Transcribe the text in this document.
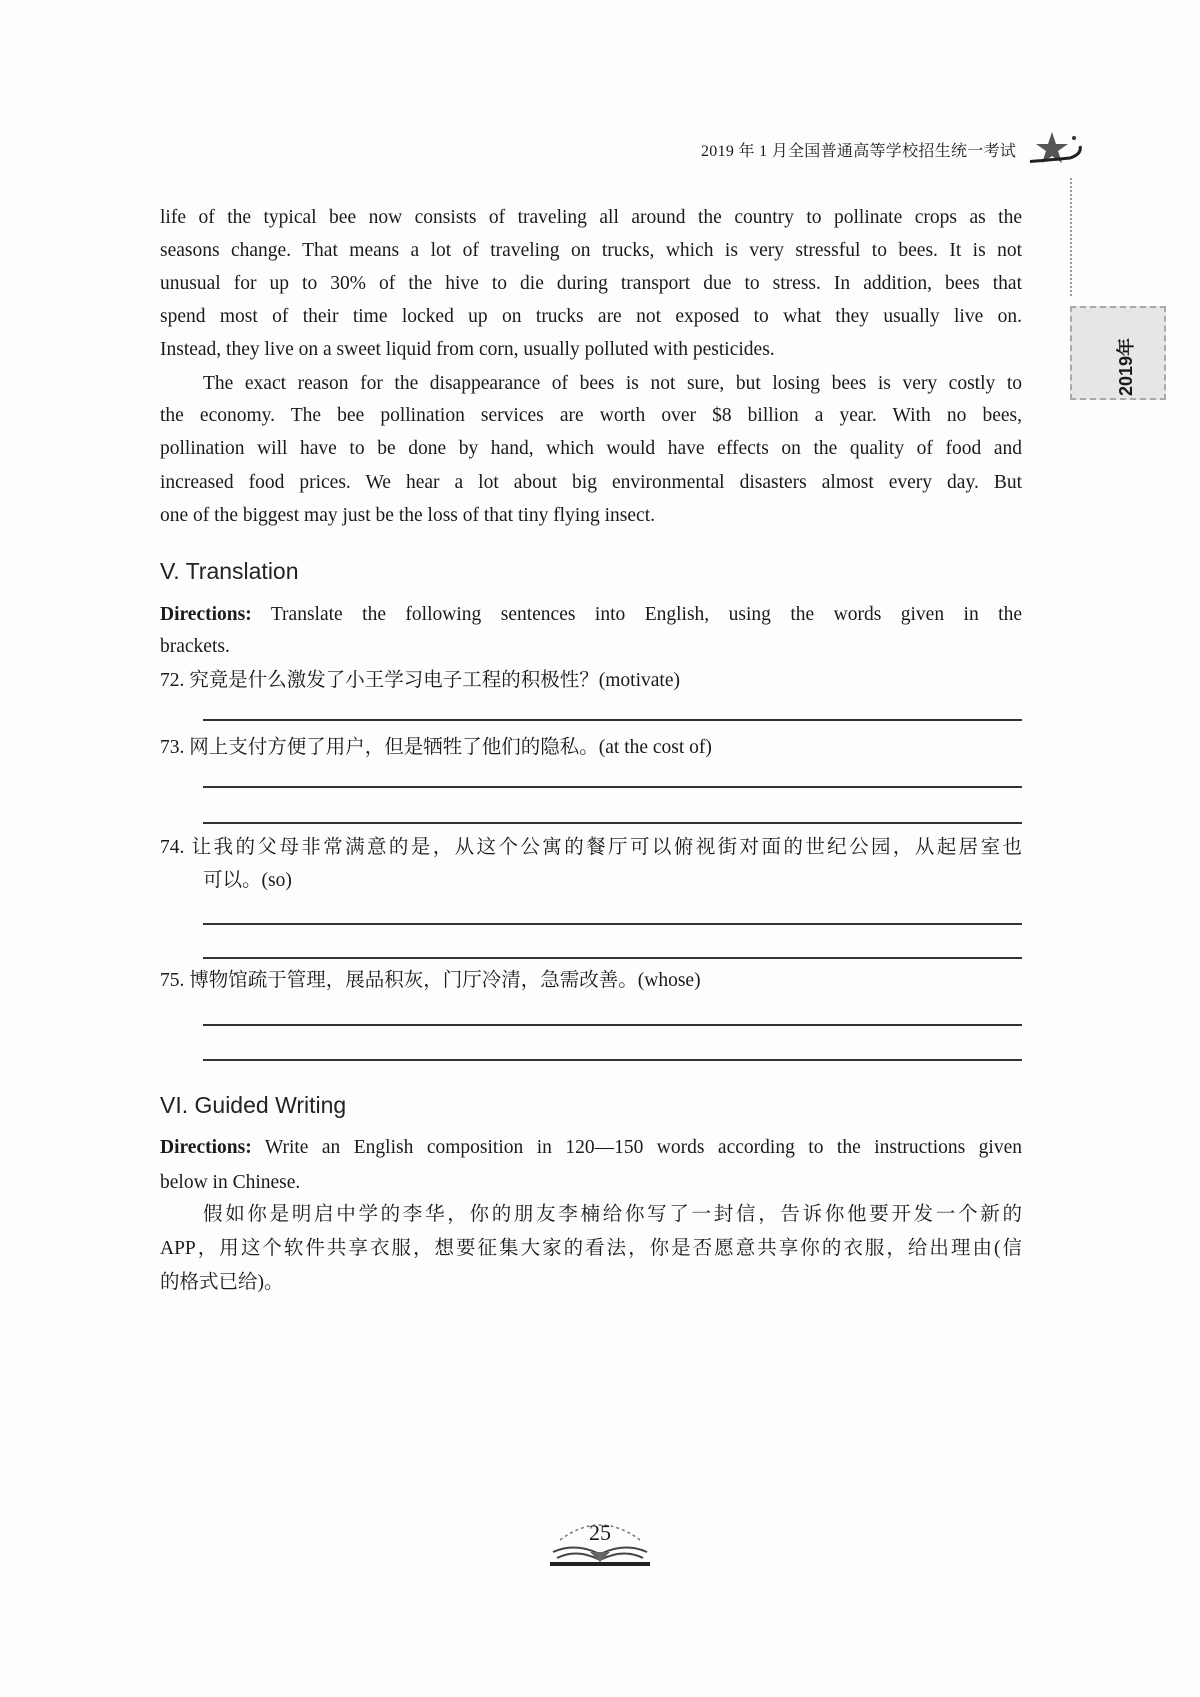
2019 年 1 月全国普通高等学校招生统一考试
2019年
life of the typical bee now consists of traveling all around the country to pollinate crops as the
seasons change. That means a lot of traveling on trucks, which is very stressful to bees. It is not
unusual for up to 30% of the hive to die during transport due to stress. In addition, bees that
spend most of their time locked up on trucks are not exposed to what they usually live on.
Instead, they live on a sweet liquid from corn, usually polluted with pesticides.
The exact reason for the disappearance of bees is not sure, but losing bees is very costly to
the economy. The bee pollination services are worth over $8 billion a year. With no bees,
pollination will have to be done by hand, which would have effects on the quality of food and
increased food prices. We hear a lot about big environmental disasters almost every day. But
one of the biggest may just be the loss of that tiny flying insect.
V. Translation
Directions: Translate the following sentences into English, using the words given in the
brackets.
72. 究竟是什么激发了小王学习电子工程的积极性？(motivate)
73. 网上支付方便了用户，但是牺牲了他们的隐私。(at the cost of)
74. 让我的父母非常满意的是，从这个公寓的餐厅可以俯视街对面的世纪公园，从起居室也
可以。(so)
75. 博物馆疏于管理，展品积灰，门厅冷清，急需改善。(whose)
VI. Guided Writing
Directions: Write an English composition in 120—150 words according to the instructions given
below in Chinese.
假如你是明启中学的李华，你的朋友李楠给你写了一封信，告诉你他要开发一个新的
APP，用这个软件共享衣服，想要征集大家的看法，你是否愿意共享你的衣服，给出理由(信
的格式已给)。
25
